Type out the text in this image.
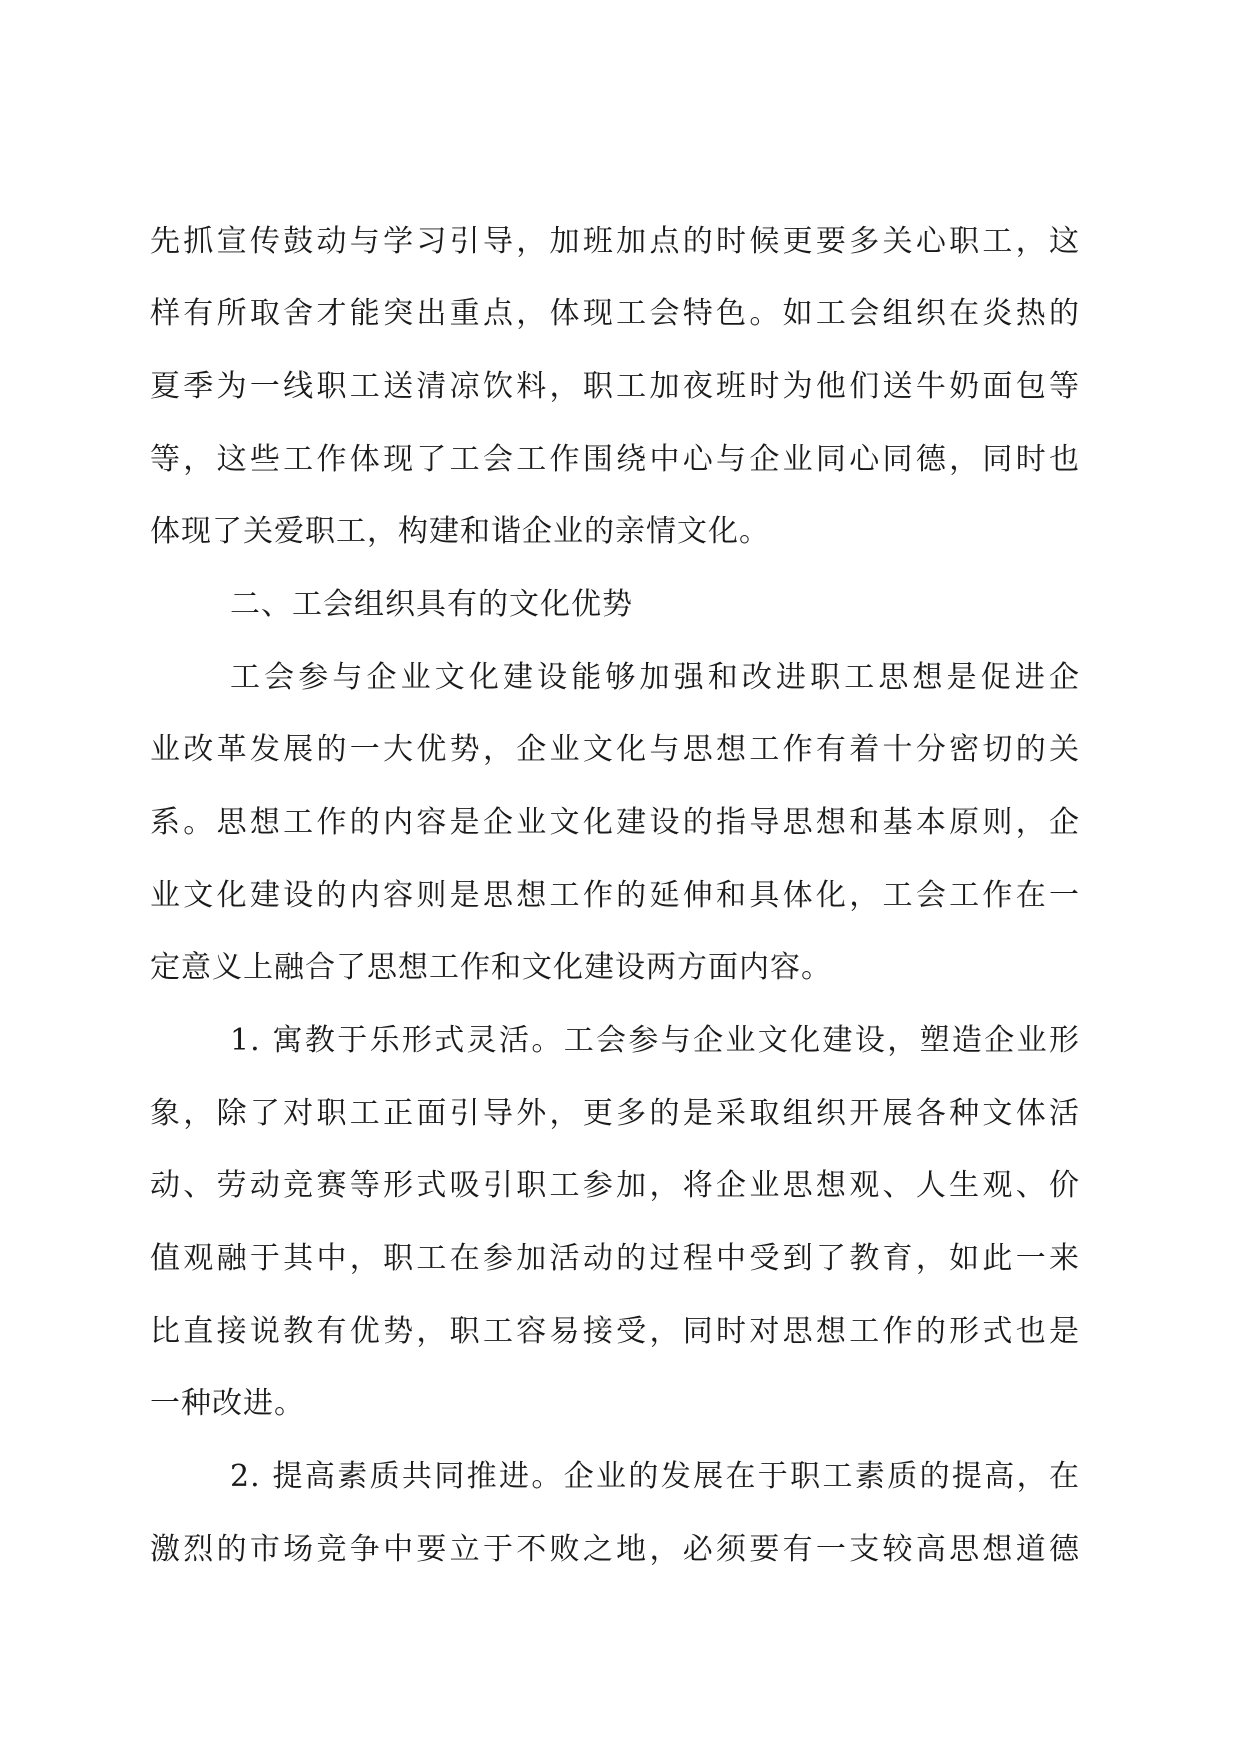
先抓宣传鼓动与学习引导，加班加点的时候更要多关心职工，这
样有所取舍才能突出重点，体现工会特色。如工会组织在炎热的
夏季为一线职工送清凉饮料，职工加夜班时为他们送牛奶面包等
等，这些工作体现了工会工作围绕中心与企业同心同德，同时也
体现了关爱职工，构建和谐企业的亲情文化。
二、工会组织具有的文化优势
工会参与企业文化建设能够加强和改进职工思想是促进企
业改革发展的一大优势，企业文化与思想工作有着十分密切的关
系。思想工作的内容是企业文化建设的指导思想和基本原则，企
业文化建设的内容则是思想工作的延伸和具体化，工会工作在一
定意义上融合了思想工作和文化建设两方面内容。
1. 寓教于乐形式灵活。工会参与企业文化建设，塑造企业形
象，除了对职工正面引导外，更多的是采取组织开展各种文体活
动、劳动竞赛等形式吸引职工参加，将企业思想观、人生观、价
值观融于其中，职工在参加活动的过程中受到了教育，如此一来
比直接说教有优势，职工容易接受，同时对思想工作的形式也是
一种改进。
2. 提高素质共同推进。企业的发展在于职工素质的提高，在
激烈的市场竞争中要立于不败之地，必须要有一支较高思想道德
